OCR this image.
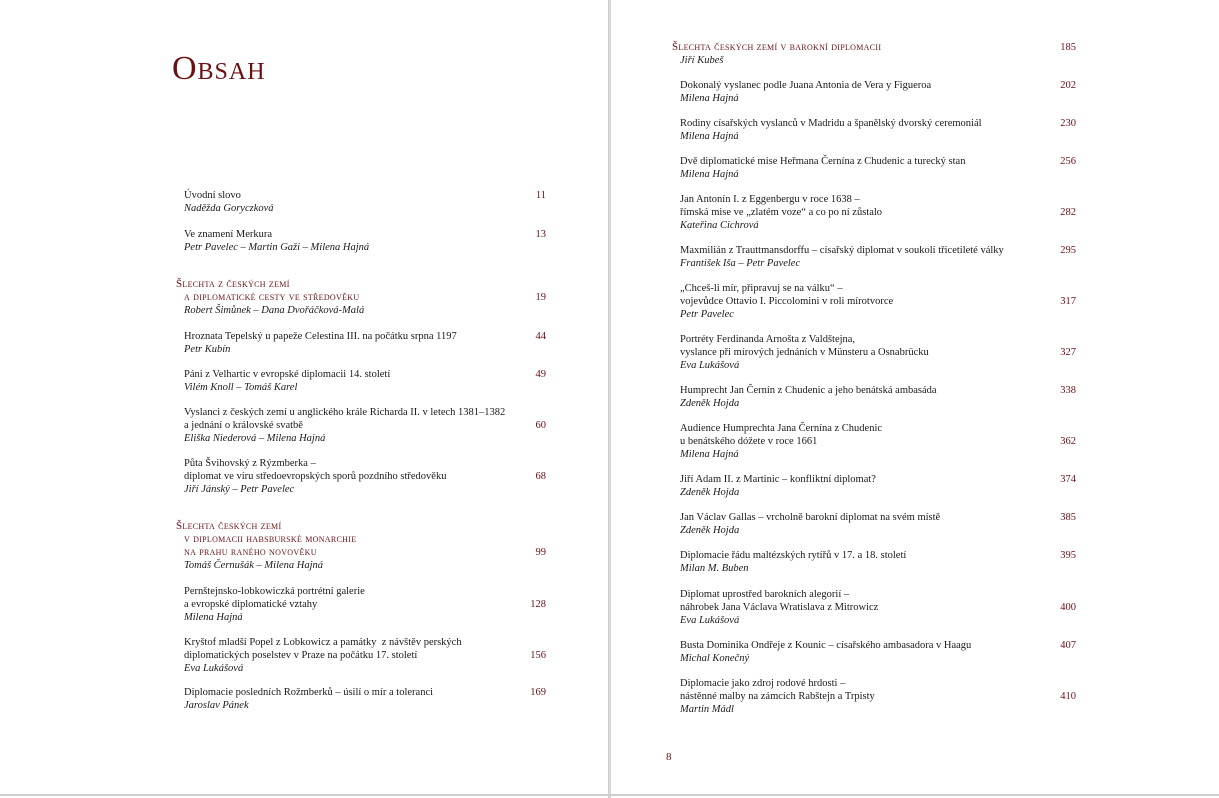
Obsah
Úvodní slovo
Naděžda Goryczková
11
Ve znamení Merkura
Petr Pavelec – Martin Gaži – Milena Hajná
13
Šlechta z českých zemí
a diplomatické cesty ve středověku
Robert Šimůnek – Dana Dvořáčková-Malá
19
Hroznata Tepelský u papeže Celestina III. na počátku srpna 1197
Petr Kubín
44
Páni z Velhartic v evropské diplomacii 14. století
Vilém Knoll – Tomáš Karel
49
Vyslanci z českých zemí u anglického krále Richarda II. v letech 1381–1382
a jednání o královské svatbě
Eliška Niederová – Milena Hajná
60
Půta Švihovský z Rýzmberka –
diplomat ve víru středoevropských sporů pozdního středověku
Jiří Jánský – Petr Pavelec
68
Šlechta českých zemí
v diplomacii habsburské monarchie
na prahu raného novověku
Tomáš Černušák – Milena Hajná
99
Pernštejnsko-lobkowiczká portrétní galerie
a evropské diplomatické vztahy
Milena Hajná
128
Kryštof mladší Popel z Lobkowicz a památky  z návštěv perských
diplomatických poselstev v Praze na počátku 17. století
Eva Lukášová
156
Diplomacie posledních Rožmberků – úsilí o mír a toleranci
Jaroslav Pánek
169
Šlechta českých zemí v barokní diplomacii
Jiří Kubeš
185
Dokonalý vyslanec podle Juana Antonia de Vera y Figueroa
Milena Hajná
202
Rodiny císařských vyslanců v Madridu a španělský dvorský ceremoniál
Milena Hajná
230
Dvě diplomatické mise Heřmana Černína z Chudenic a turecký stan
Milena Hajná
256
Jan Antonín I. z Eggenbergu v roce 1638 –
římská mise ve „zlatém voze“ a co po ní zůstalo
Kateřina Cichrová
282
Maxmilián z Trauttmansdorffu – císařský diplomat v soukolí třicetileté války
František Iša – Petr Pavelec
295
„Chceš-li mír, připravuj se na válku“ –
vojevůdce Ottavio I. Piccolomini v roli mírotvorce
Petr Pavelec
317
Portréty Ferdinanda Arnošta z Valdštejna,
vyslance při mírových jednáních v Münsteru a Osnabrücku
Eva Lukášová
327
Humprecht Jan Černín z Chudenic a jeho benátská ambasáda
Zdeněk Hojda
338
Audience Humprechta Jana Černína z Chudenic
u benátského dóžete v roce 1661
Milena Hajná
362
Jiří Adam II. z Martinic – konfliktní diplomat?
Zdeněk Hojda
374
Jan Václav Gallas – vrcholně barokní diplomat na svém místě
Zdeněk Hojda
385
Diplomacie řádu maltézských rytířů v 17. a 18. století
Milan M. Buben
395
Diplomat uprostřed barokních alegorií –
náhrobek Jana Václava Wratislava z Mitrowicz
Eva Lukášová
400
Busta Dominika Ondřeje z Kounic – císařského ambasadora v Haagu
Michal Konečný
407
Diplomacie jako zdroj rodové hrdosti –
nástěnné malby na zámcích Rabštejn a Trpisty
Martin Mádl
410
8
